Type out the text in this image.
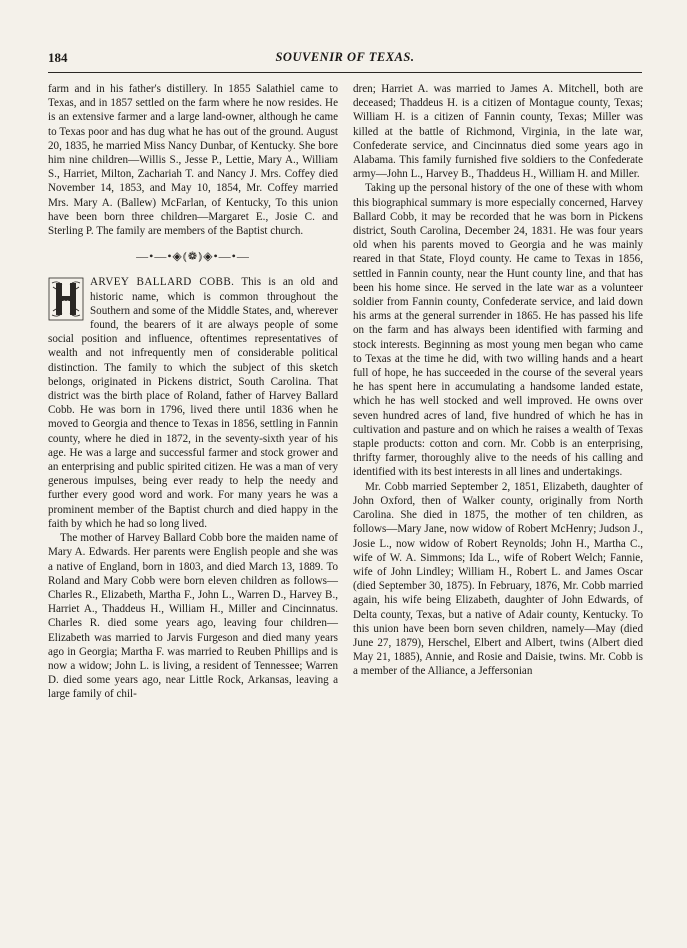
184	SOUVENIR OF TEXAS.

farm and in his father's distillery. In 1855 Salathiel came to Texas, and in 1857 settled on the farm where he now resides. He is an extensive farmer and a large land-owner, although he came to Texas poor and has dug what he has out of the ground. August 20, 1835, he married Miss Nancy Dunbar, of Kentucky. She bore him nine children—Willis S., Jesse P., Lettie, Mary A., William S., Harriet, Milton, Zachariah T. and Nancy J. Mrs. Coffey died November 14, 1853, and May 10, 1854, Mr. Coffey married Mrs. Mary A. (Ballew) McFarlan, of Kentucky, To this union have been born three children—Margaret E., Josie C. and Sterling P. The family are members of the Baptist church.

—•—•◈⦅❁⦆◈•—•—

H
ARVEY BALLARD COBB. This is an old and historic name, which is common throughout the Southern and some of the Middle States, and, wherever found, the bearers of it are always people of some social position and influence, oftentimes representatives of wealth and not infrequently men of considerable political distinction. The family to which the subject of this sketch belongs, originated in Pickens district, South Carolina. That district was the birth place of Roland, father of Harvey Ballard Cobb. He was born in 1796, lived there until 1836 when he moved to Georgia and thence to Texas in 1856, settling in Fannin county, where he died in 1872, in the seventy-sixth year of his age. He was a large and successful farmer and stock grower and an enterprising and public spirited citizen. He was a man of very generous impulses, being ever ready to help the needy and further every good word and work. For many years he was a prominent member of the Baptist church and died happy in the faith by which he had so long lived.

The mother of Harvey Ballard Cobb bore the maiden name of Mary A. Edwards. Her parents were English people and she was a native of England, born in 1803, and died March 13, 1889. To Roland and Mary Cobb were born eleven children as follows—Charles R., Elizabeth, Martha F., John L., Warren D., Harvey B., Harriet A., Thaddeus H., William H., Miller and Cincinnatus. Charles R. died some years ago, leaving four children—Elizabeth was married to Jarvis Furgeson and died many years ago in Georgia; Martha F. was married to Reuben Phillips and is now a widow; John L. is living, a resident of Tennessee; Warren D. died some years ago, near Little Rock, Arkansas, leaving a large family of chil-

dren; Harriet A. was married to James A. Mitchell, both are deceased; Thaddeus H. is a citizen of Montague county, Texas; William H. is a citizen of Fannin county, Texas; Miller was killed at the battle of Richmond, Virginia, in the late war, Confederate service, and Cincinnatus died some years ago in Alabama. This family furnished five soldiers to the Confederate army—John L., Harvey B., Thaddeus H., William H. and Miller.

Taking up the personal history of the one of these with whom this biographical summary is more especially concerned, Harvey Ballard Cobb, it may be recorded that he was born in Pickens district, South Carolina, December 24, 1831. He was four years old when his parents moved to Georgia and he was mainly reared in that State, Floyd county. He came to Texas in 1856, settled in Fannin county, near the Hunt county line, and that has been his home since. He served in the late war as a volunteer soldier from Fannin county, Confederate service, and laid down his arms at the general surrender in 1865. He has passed his life on the farm and has always been identified with farming and stock interests. Beginning as most young men began who came to Texas at the time he did, with two willing hands and a heart full of hope, he has succeeded in the course of the several years he has spent here in accumulating a handsome landed estate, which he has well stocked and well improved. He owns over seven hundred acres of land, five hundred of which he has in cultivation and pasture and on which he raises a wealth of Texas staple products: cotton and corn. Mr. Cobb is an enterprising, thrifty farmer, thoroughly alive to the needs of his calling and identified with its best interests in all lines and undertakings.

Mr. Cobb married September 2, 1851, Elizabeth, daughter of John Oxford, then of Walker county, originally from North Carolina. She died in 1875, the mother of ten children, as follows—Mary Jane, now widow of Robert McHenry; Judson J., Josie L., now widow of Robert Reynolds; John H., Martha C., wife of W. A. Simmons; Ida L., wife of Robert Welch; Fannie, wife of John Lindley; William H., Robert L. and James Oscar (died September 30, 1875). In February, 1876, Mr. Cobb married again, his wife being Elizabeth, daughter of John Edwards, of Delta county, Texas, but a native of Adair county, Kentucky. To this union have been born seven children, namely—May (died June 27, 1879), Herschel, Elbert and Albert, twins (Albert died May 21, 1885), Annie, and Rosie and Daisie, twins. Mr. Cobb is a member of the Alliance, a Jeffersonian
